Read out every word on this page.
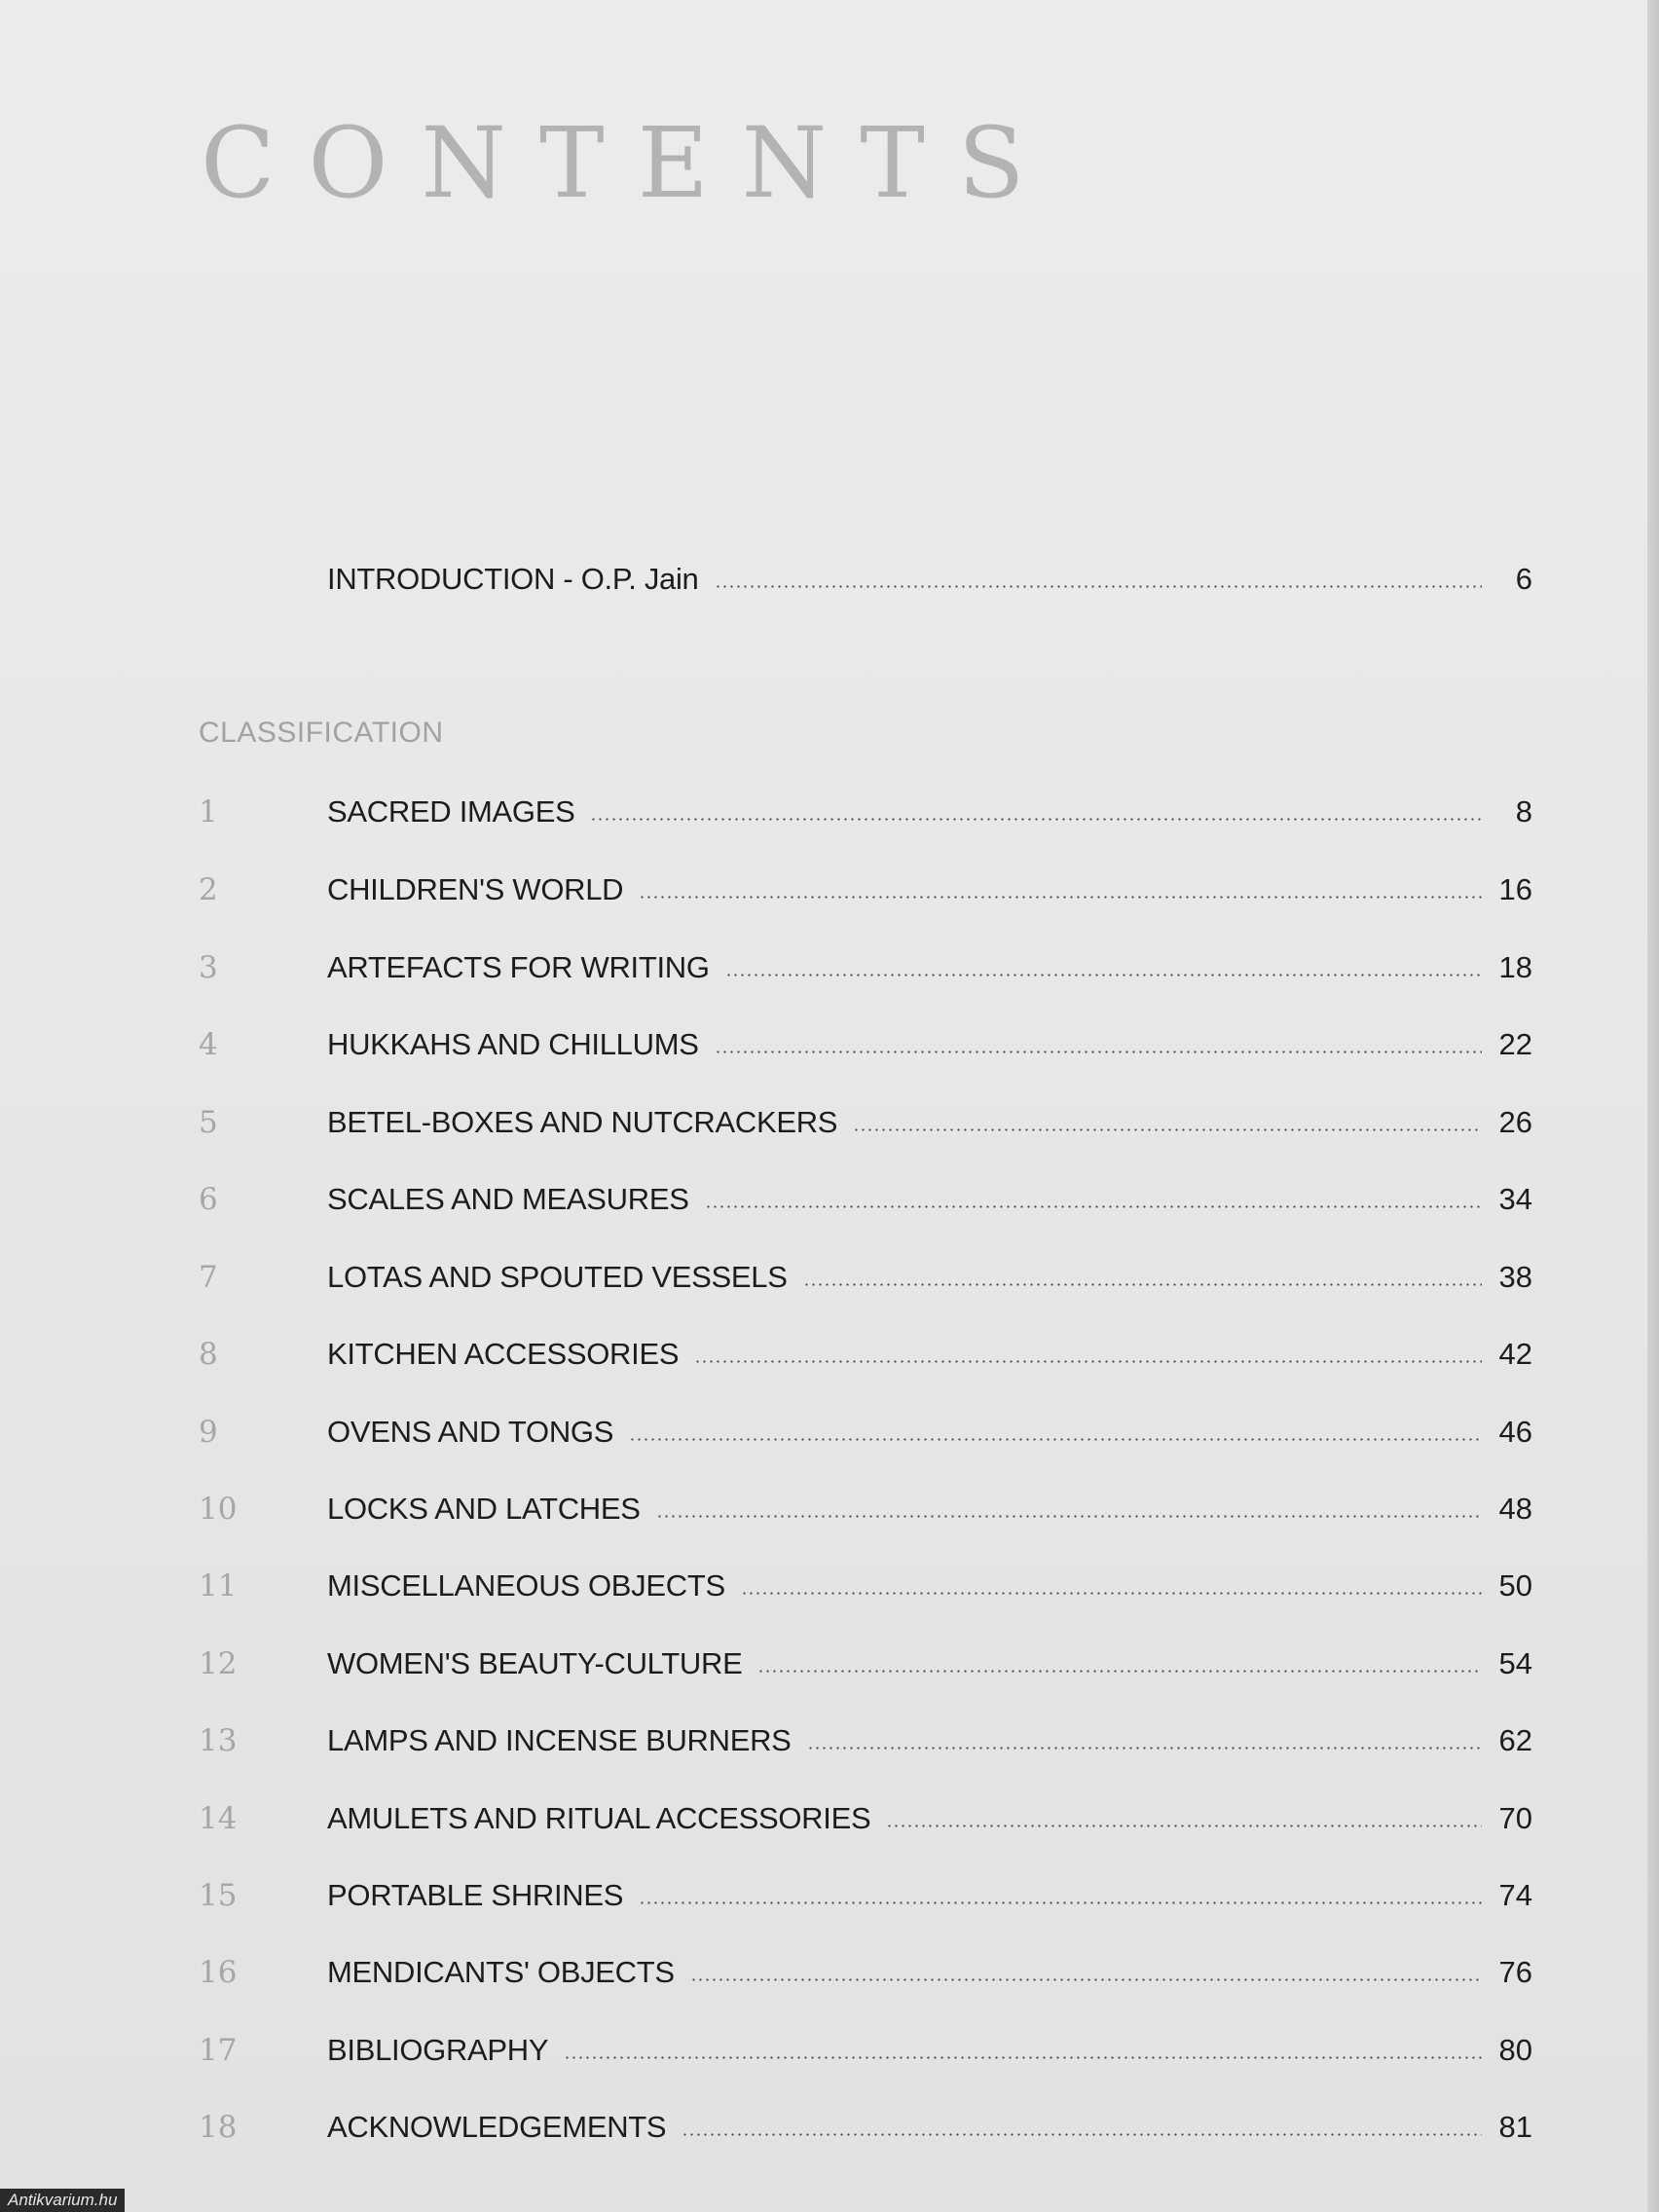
CONTENTS
INTRODUCTION - O.P. Jain	6
CLASSIFICATION
1	SACRED IMAGES	8
2	CHILDREN'S WORLD	16
3	ARTEFACTS FOR WRITING	18
4	HUKKAHS AND CHILLUMS	22
5	BETEL-BOXES AND NUTCRACKERS	26
6	SCALES AND MEASURES	34
7	LOTAS AND SPOUTED VESSELS	38
8	KITCHEN ACCESSORIES	42
9	OVENS AND TONGS	46
10	LOCKS AND LATCHES	48
11	MISCELLANEOUS OBJECTS	50
12	WOMEN'S BEAUTY-CULTURE	54
13	LAMPS AND INCENSE BURNERS	62
14	AMULETS AND RITUAL ACCESSORIES	70
15	PORTABLE SHRINES	74
16	MENDICANTS' OBJECTS	76
17	BIBLIOGRAPHY	80
18	ACKNOWLEDGEMENTS	81
Antikvarium.hu
